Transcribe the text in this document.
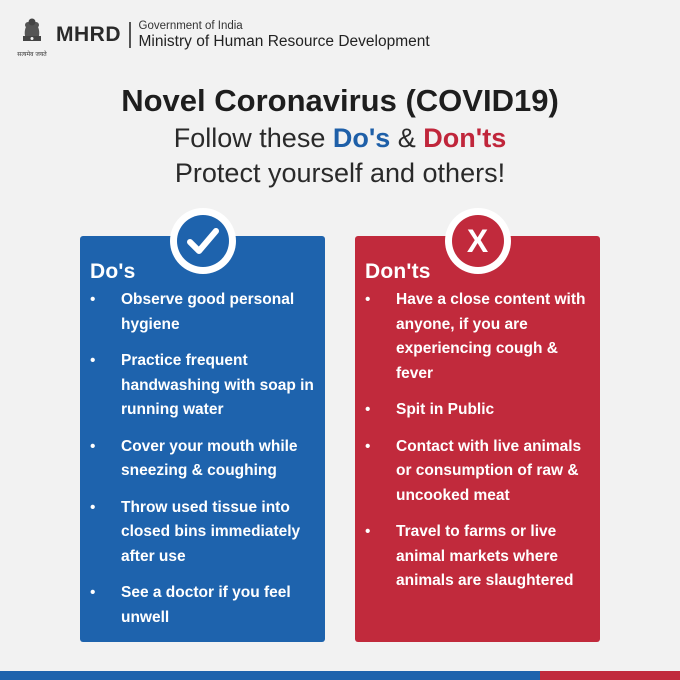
सत्यमेव जयते
MHRD Government of India
Ministry of Human Resource Development
Novel Coronavirus (COVID19)
Follow these Do's & Don'ts
Protect yourself and others!
Do's
• Observe good personal hygiene
• Practice frequent handwashing with soap in running water
• Cover your mouth while sneezing & coughing
• Throw used tissue into closed bins immediately after use
• See a doctor if you feel unwell
X
Don'ts
• Have a close content with anyone, if you are experiencing cough & fever
• Spit in Public
• Contact with live animals or consumption of raw & uncooked meat
• Travel to farms or live animal markets where animals are slaughtered
